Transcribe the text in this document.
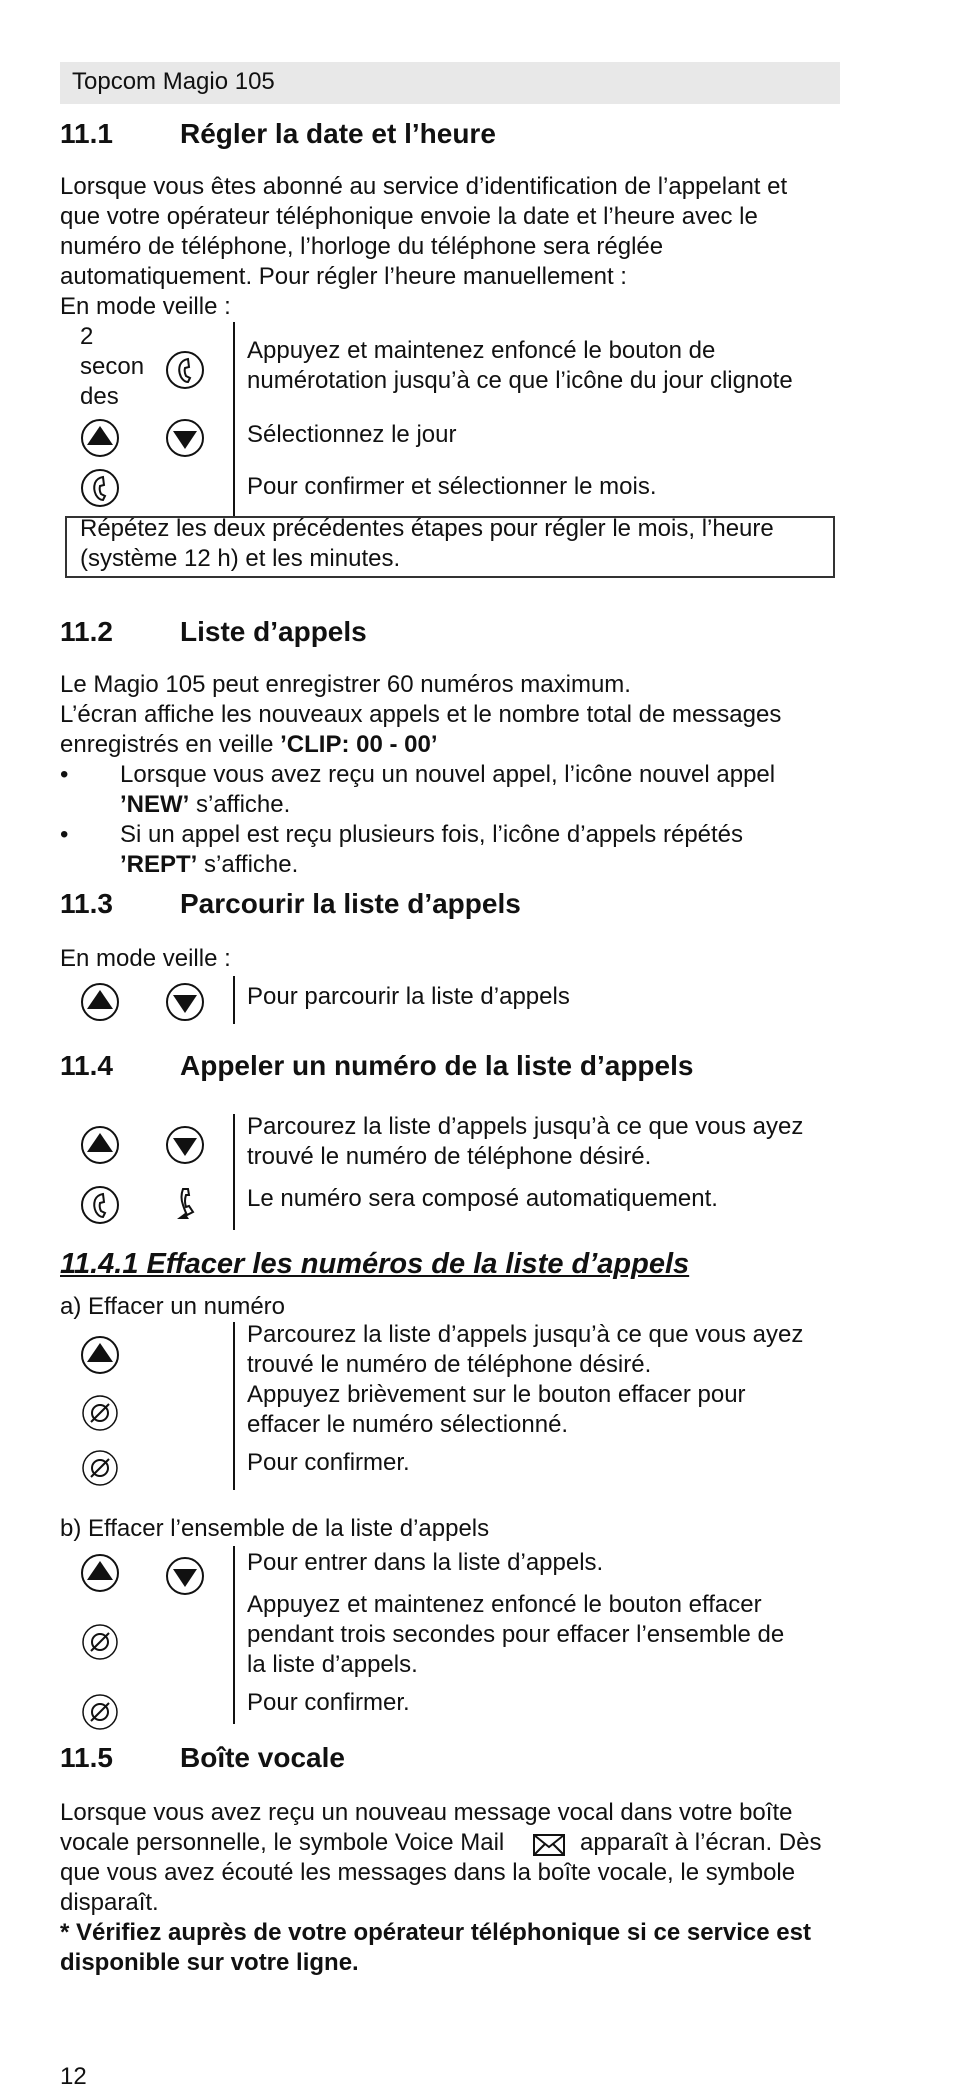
Topcom Magio 105
11.1 Régler la date et l’heure
Lorsque vous êtes abonné au service d’identification de l’appelant et
que votre opérateur téléphonique envoie la date et l’heure avec le
numéro de téléphone, l’horloge du téléphone sera réglée
automatiquement. Pour régler l’heure manuellement :
En mode veille :
2
secon
des
Appuyez et maintenez enfoncé le bouton de
numérotation jusqu’à ce que l’icône du jour clignote
Sélectionnez le jour
Pour confirmer et sélectionner le mois.
Répétez les deux précédentes étapes pour régler le mois, l’heure
(système 12 h) et les minutes.
11.2 Liste d’appels
Le Magio 105 peut enregistrer 60 numéros maximum.
L’écran affiche les nouveaux appels et le nombre total de messages
enregistrés en veille ’CLIP: 00 - 00’
• Lorsque vous avez reçu un nouvel appel, l’icône nouvel appel
’NEW’ s’affiche.
• Si un appel est reçu plusieurs fois, l’icône d’appels répétés
’REPT’ s’affiche.
11.3 Parcourir la liste d’appels
En mode veille :
Pour parcourir la liste d’appels
11.4 Appeler un numéro de la liste d’appels
Parcourez la liste d’appels jusqu’à ce que vous ayez
trouvé le numéro de téléphone désiré.
Le numéro sera composé automatiquement.
11.4.1 Effacer les numéros de la liste d’appels
a) Effacer un numéro
Parcourez la liste d’appels jusqu’à ce que vous ayez
trouvé le numéro de téléphone désiré.
Appuyez brièvement sur le bouton effacer pour
effacer le numéro sélectionné.
Pour confirmer.
b) Effacer l’ensemble de la liste d’appels
Pour entrer dans la liste d’appels.
Appuyez et maintenez enfoncé le bouton effacer
pendant trois secondes pour effacer l’ensemble de
la liste d’appels.
Pour confirmer.
11.5 Boîte vocale
Lorsque vous avez reçu un nouveau message vocal dans votre boîte
vocale personnelle, le symbole Voice Mail	apparaît à l’écran. Dès
que vous avez écouté les messages dans la boîte vocale, le symbole
disparaît.
* Vérifiez auprès de votre opérateur téléphonique si ce service est
disponible sur votre ligne.
12
